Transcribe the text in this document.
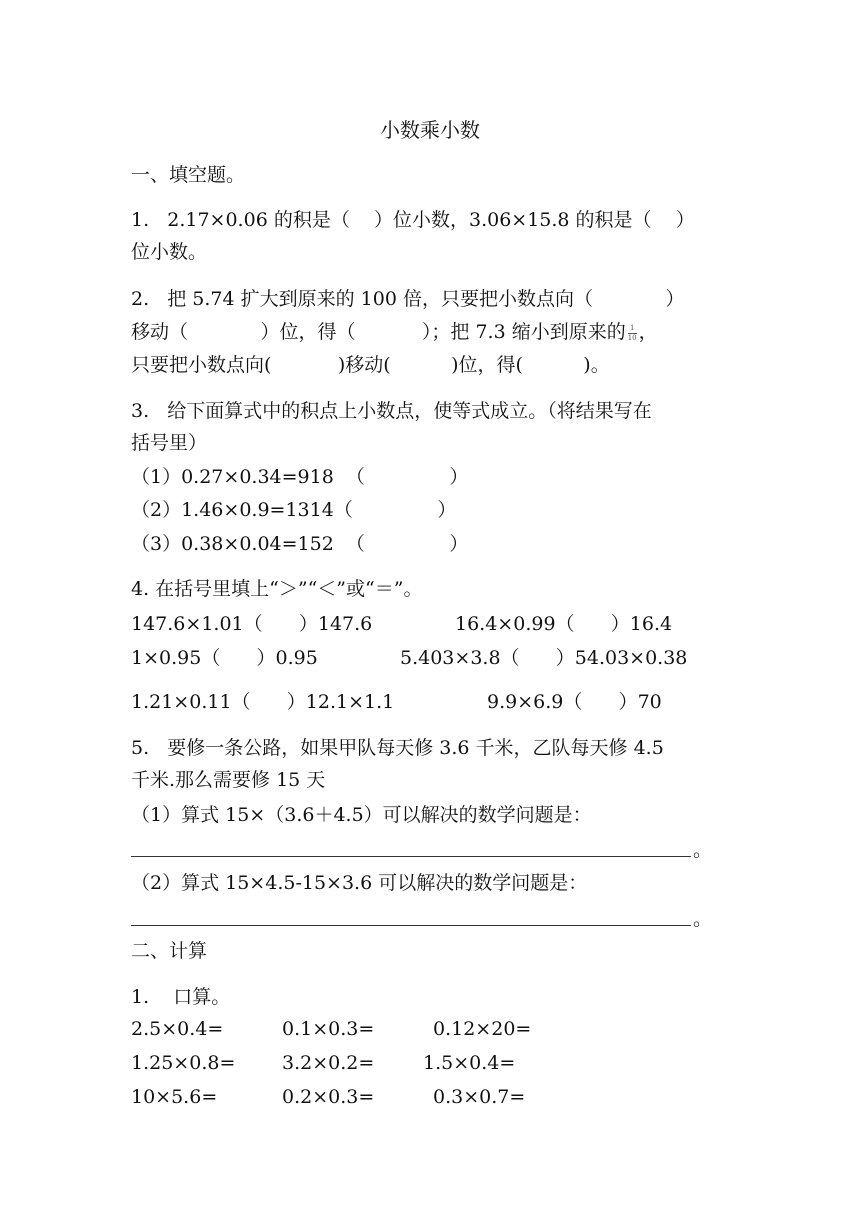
小数乘小数
一、填空题。
1.   2.17×0.06 的积是（    ）位小数，3.06×15.8 的积是（    ）
位小数。
2.   把 5.74 扩大到原来的 100 倍，只要把小数点向（            ）
移动（            ）位，得（           ）；把 7.3 缩小到原来的 $\frac{1}{10}$ ，
只要把小数点向(           )移动(          )位，得(          )。
3.   给下面算式中的积点上小数点，使等式成立。（将结果写在
括号里）
（1）0.27×0.34=918  （              ）
（2）1.46×0.9=1314（              ）
（3）0.38×0.04=152  （              ）
4. 在括号里填上“＞”“＜”或“＝”。
147.6×1.01（      ）147.6	16.4×0.99（      ）16.4
1×0.95（      ）0.95	5.403×3.8（      ）54.03×0.38
1.21×0.11（      ）12.1×1.1	9.9×6.9（      ）70
5.   要修一条公路，如果甲队每天修 3.6 千米，乙队每天修 4.5
千米.那么需要修 15 天
（1）算式 15×（3.6＋4.5）可以解决的数学问题是：
。
（2）算式 15×4.5-15×3.6 可以解决的数学问题是：
。
二、计算
1.    口算。
2.5×0.4=	0.1×0.3=	0.12×20=
1.25×0.8= 3.2×0.2=	1.5×0.4=
10×5.6=	0.2×0.3=	0.3×0.7=
